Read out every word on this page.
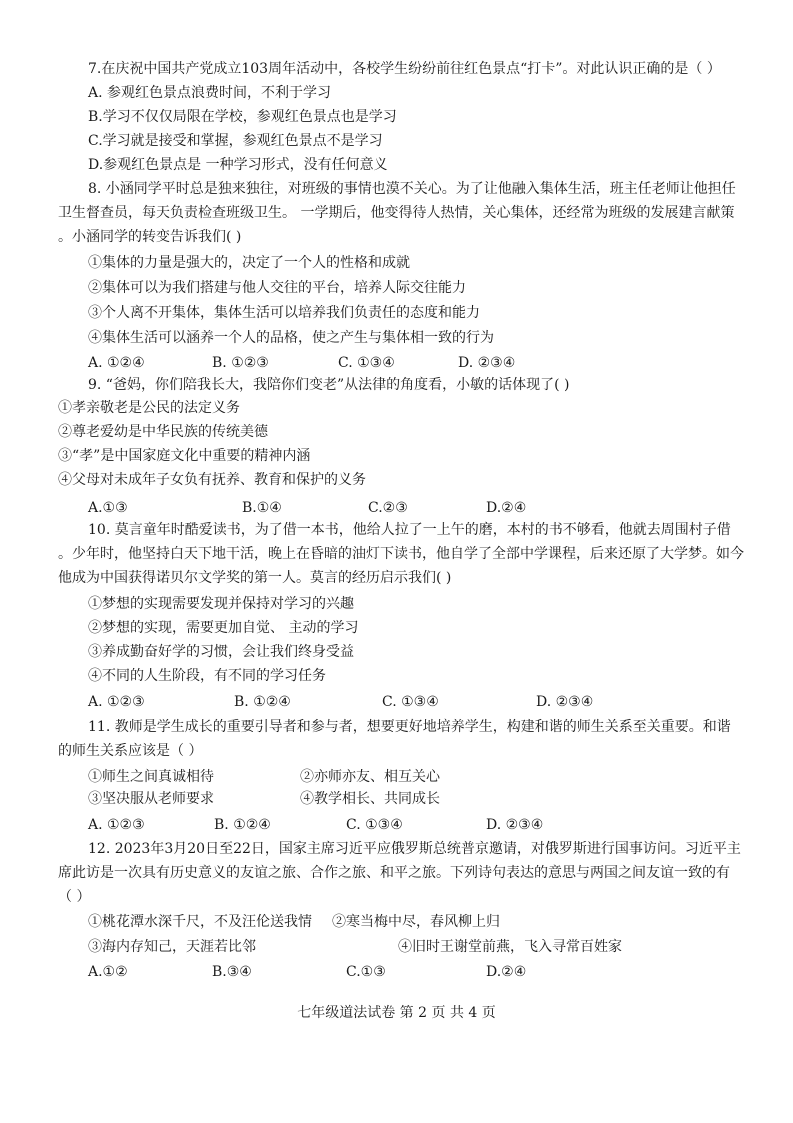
7.在庆祝中国共产党成立103周年活动中，各校学生纷纷前往红色景点“打卡”。对此认识正确的是（ ）
A. 参观红色景点浪费时间，不利于学习
B.学习不仅仅局限在学校，参观红色景点也是学习
C.学习就是接受和掌握，参观红色景点不是学习
D.参观红色景点是 一种学习形式，没有任何意义
8. 小涵同学平时总是独来独往，对班级的事情也漠不关心。为了让他融入集体生活，班主任老师让他担任
卫生督查员，每天负责检查班级卫生。 一学期后，他变得待人热情，关心集体，还经常为班级的发展建言献策
。小涵同学的转变告诉我们( )
①集体的力量是强大的，决定了一个人的性格和成就
②集体可以为我们搭建与他人交往的平台，培养人际交往能力
③个人离不开集体，集体生活可以培养我们负责任的态度和能力
④集体生活可以涵养一个人的品格，使之产生与集体相一致的行为
A. ①②④	B. ①②③	C. ①③④	D. ②③④
9. “爸妈，你们陪我长大，我陪你们变老”从法律的角度看，小敏的话体现了( )
①孝亲敬老是公民的法定义务
②尊老爱幼是中华民族的传统美德
③“孝”是中国家庭文化中重要的精神内涵
④父母对未成年子女负有抚养、教育和保护的义务
A.①③	B.①④	C.②③	D.②④
10. 莫言童年时酷爱读书，为了借一本书，他给人拉了一上午的磨，本村的书不够看，他就去周围村子借
。少年时，他坚持白天下地干活，晚上在昏暗的油灯下读书，他自学了全部中学课程，后来还原了大学梦。如今
他成为中国获得诺贝尔文学奖的第一人。莫言的经历启示我们( )
①梦想的实现需要发现并保持对学习的兴趣
②梦想的实现，需要更加自觉、 主动的学习
③养成勤奋好学的习惯，会让我们终身受益
④不同的人生阶段，有不同的学习任务
A. ①②③	B. ①②④	C. ①③④	D. ②③④
11. 教师是学生成长的重要引导者和参与者，想要更好地培养学生，构建和谐的师生关系至关重要。和谐
的师生关系应该是（ ）
①师生之间真诚相待	②亦师亦友、相互关心
③坚决服从老师要求	④教学相长、共同成长
A. ①②③	B. ①②④	C. ①③④	D. ②③④
12. 2023年3月20日至22日，国家主席习近平应俄罗斯总统普京邀请，对俄罗斯进行国事访问。习近平主
席此访是一次具有历史意义的友谊之旅、合作之旅、和平之旅。下列诗句表达的意思与两国之间友谊一致的有
（ ）
①桃花潭水深千尺，不及汪伦送我情 ②寒当梅中尽，春风柳上归
③海内存知己，天涯若比邻	④旧时王谢堂前燕，飞入寻常百姓家
A.①②	B.③④	C.①③	D.②④
七年级道法试卷 第 2 页 共 4 页
